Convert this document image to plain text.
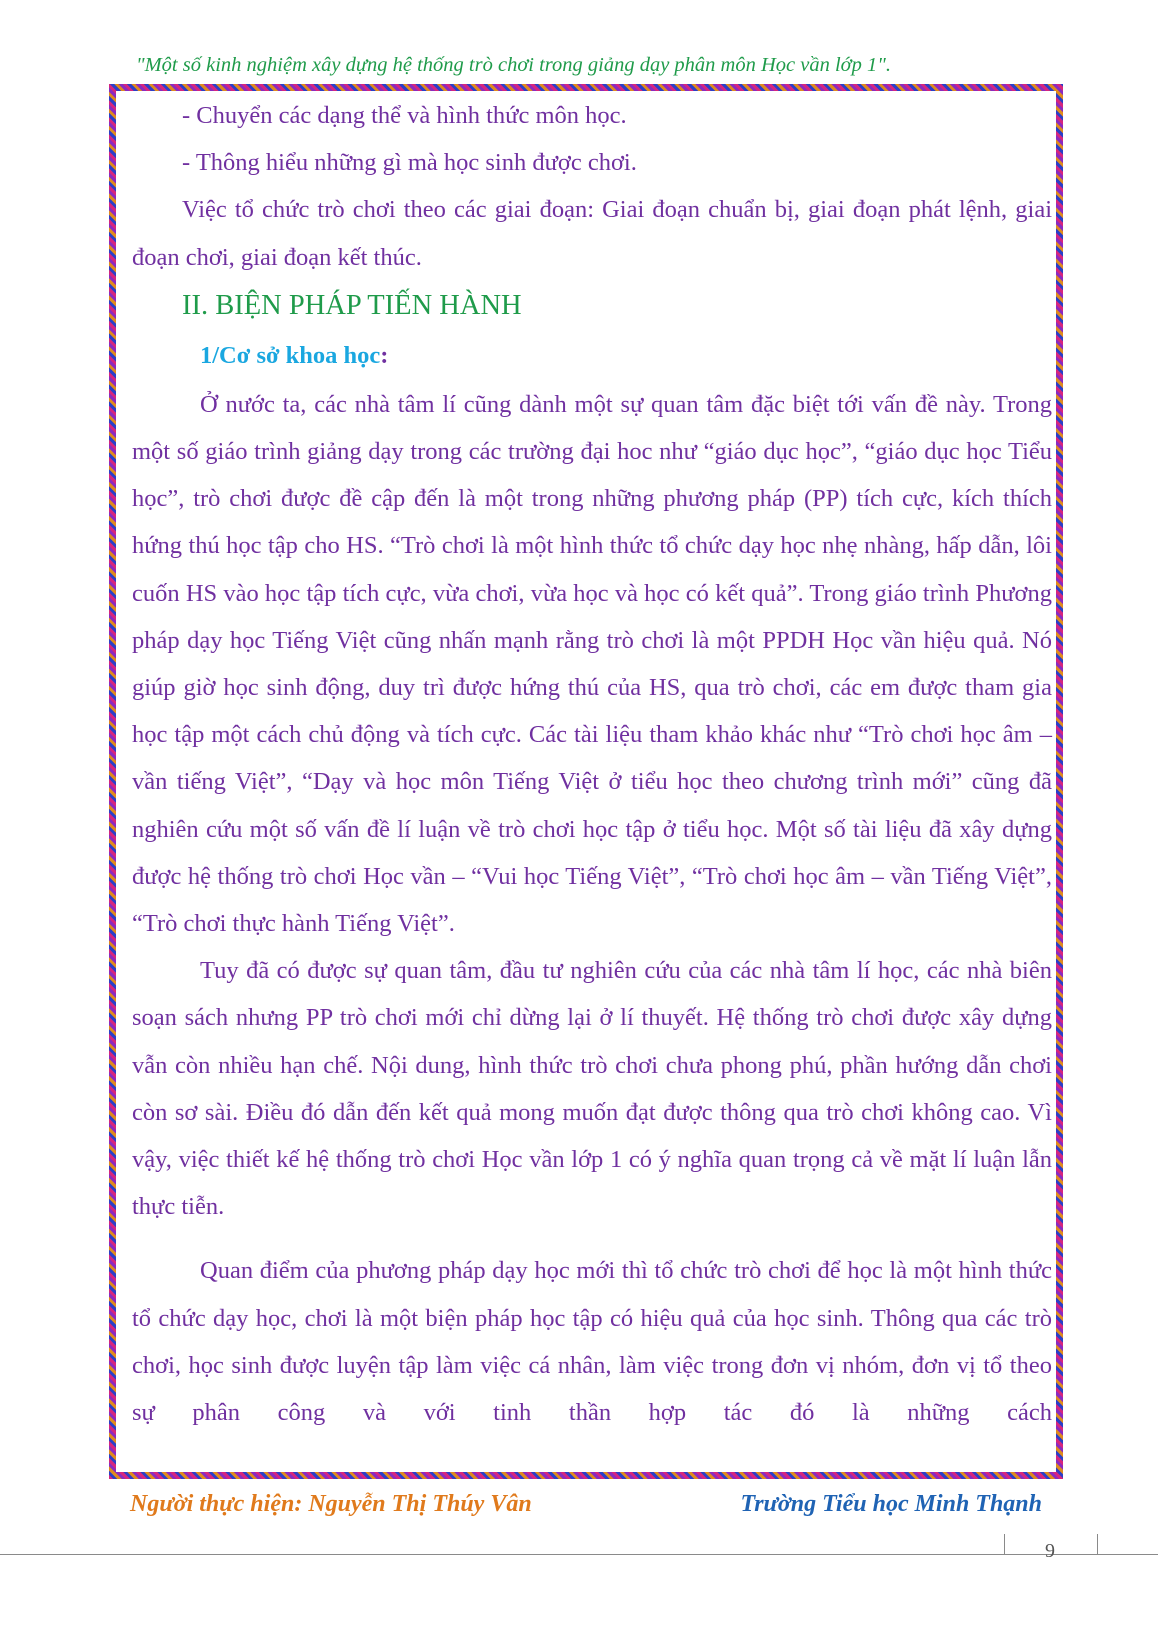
"Một số kinh nghiệm xây dựng hệ thống trò chơi trong giảng dạy phân môn Học vần lớp 1".

- Chuyển các dạng thể và hình thức môn học.

- Thông hiểu những gì mà học sinh được chơi.

Việc tổ chức trò chơi theo các giai đoạn: Giai đoạn chuẩn bị, giai đoạn phát lệnh, giai đoạn chơi, giai đoạn kết thúc.

II. BIỆN PHÁP TIẾN HÀNH
1/Cơ sở khoa học:

Ở nước ta, các nhà tâm lí cũng dành một sự quan tâm đặc biệt tới vấn đề này. Trong một số giáo trình giảng dạy trong các trường đại hoc như “giáo dục học”, “giáo dục học Tiểu học”, trò chơi được đề cập đến là một trong những phương pháp (PP) tích cực, kích thích hứng thú học tập cho HS. “Trò chơi là một hình thức tổ chức dạy học nhẹ nhàng, hấp dẫn, lôi cuốn HS vào học tập tích cực, vừa chơi, vừa học và học có kết quả”. Trong giáo trình Phương pháp dạy học Tiếng Việt cũng nhấn mạnh rằng trò chơi là một PPDH Học vần hiệu quả. Nó giúp giờ học sinh động, duy trì được hứng thú của HS, qua trò chơi, các em được tham gia học tập một cách chủ động và tích cực. Các tài liệu tham khảo khác như “Trò chơi học âm – vần tiếng Việt”, “Dạy và học môn Tiếng Việt ở tiểu học theo chương trình mới” cũng đã nghiên cứu một số vấn đề lí luận về trò chơi học tập ở tiểu học. Một số tài liệu đã xây dựng được hệ thống trò chơi Học vần – “Vui học Tiếng Việt”, “Trò chơi học âm – vần Tiếng Việt”, “Trò chơi thực hành Tiếng Việt”.

Tuy đã có được sự quan tâm, đầu tư nghiên cứu của các nhà tâm lí học, các nhà biên soạn sách nhưng PP trò chơi mới chỉ dừng lại ở lí thuyết. Hệ thống trò chơi được xây dựng vẫn còn nhiều hạn chế. Nội dung, hình thức trò chơi chưa phong phú, phần hướng dẫn chơi còn sơ sài. Điều đó dẫn đến kết quả mong muốn đạt được thông qua trò chơi không cao. Vì vậy, việc thiết kế hệ thống trò chơi Học vần lớp 1 có ý nghĩa quan trọng cả về mặt lí luận lẫn thực tiễn.

Quan điểm của phương pháp dạy học mới thì tổ chức trò chơi để học là một hình thức tổ chức dạy học, chơi là một biện pháp học tập có hiệu quả của học sinh. Thông qua các trò chơi, học sinh được luyện tập làm việc cá nhân, làm việc trong đơn vị nhóm, đơn vị tổ theo sự phân công và với tinh thần hợp tác đó là những cách

Người thực hiện: Nguyễn Thị Thúy Vân	Trường Tiểu học Minh Thạnh
9
